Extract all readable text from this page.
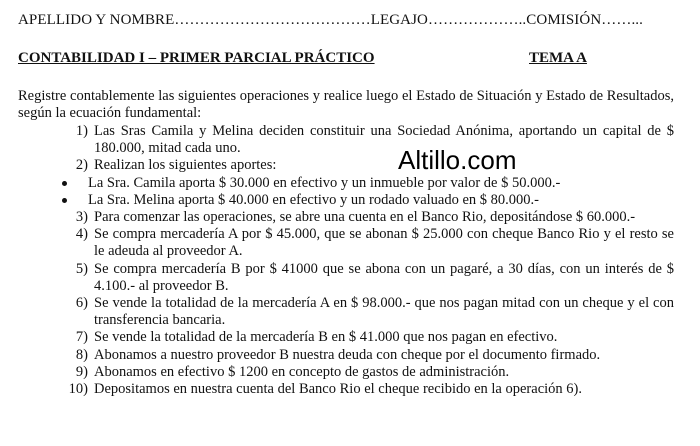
APELLIDO Y NOMBRE…………………………………LEGAJO………………..COMISIÓN……...
CONTABILIDAD I – PRIMER PARCIAL PRÁCTICO	TEMA A
Registre contablemente las siguientes operaciones y realice luego el Estado de Situación y Estado de Resultados, según la ecuación fundamental:
1) Las Sras Camila y Melina deciden constituir una Sociedad Anónima, aportando un capital de $ 180.000, mitad cada uno.
2) Realizan los siguientes aportes:
La Sra. Camila aporta $ 30.000 en efectivo y un inmueble por valor de $ 50.000.-
La Sra. Melina aporta $ 40.000 en efectivo y un rodado valuado en $ 80.000.-
3) Para comenzar las operaciones, se abre una cuenta en el Banco Rio, depositándose $ 60.000.-
4) Se compra mercadería A por $ 45.000, que se abonan $ 25.000 con cheque Banco Rio y el resto se le adeuda al proveedor A.
5) Se compra mercadería B por $ 41000 que se abona con un pagaré, a 30 días, con un interés de $ 4.100.- al proveedor B.
6) Se vende la totalidad de la mercadería A en $ 98.000.- que nos pagan mitad con un cheque y el con transferencia bancaria.
7) Se vende la totalidad de la mercadería B en $ 41.000 que nos pagan en efectivo.
8) Abonamos a nuestro proveedor B nuestra deuda con cheque por el documento firmado.
9) Abonamos en efectivo $ 1200 en concepto de gastos de administración.
10) Depositamos en nuestra cuenta del Banco Rio el cheque recibido en la operación 6).
Altillo.com
